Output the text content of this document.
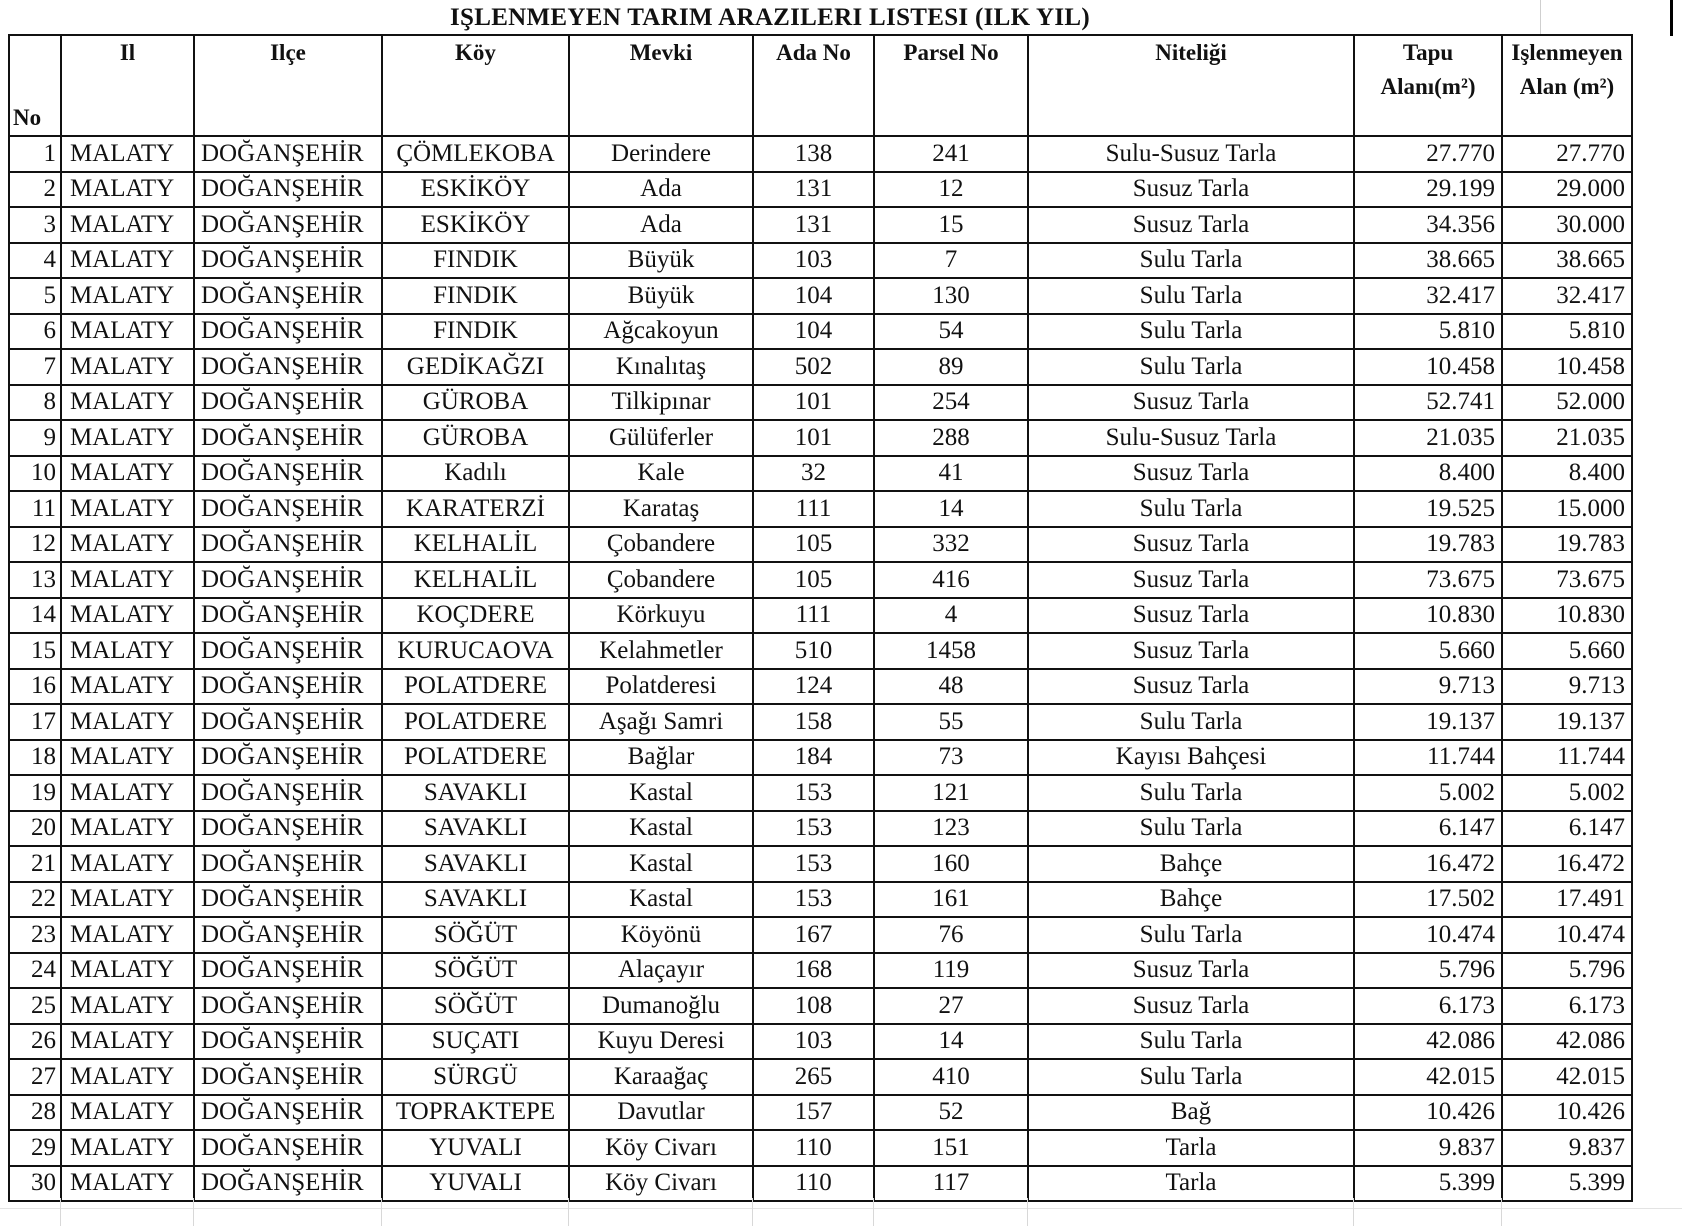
IŞLENMEYEN TARIM ARAZILERI LISTESI (ILK YIL)
No	Il	Ilçe	Köy	Mevki	Ada No	Parsel No	Niteliği	Tapu Alanı(m²)	Işlenmeyen Alan (m²)
1	MALATY	DOĞANŞEHİR	ÇÖMLEKOBA	Derindere	138	241	Sulu-Susuz Tarla	27.770	27.770
2	MALATY	DOĞANŞEHİR	ESKİKÖY	Ada	131	12	Susuz Tarla	29.199	29.000
3	MALATY	DOĞANŞEHİR	ESKİKÖY	Ada	131	15	Susuz Tarla	34.356	30.000
4	MALATY	DOĞANŞEHİR	FINDIK	Büyük	103	7	Sulu Tarla	38.665	38.665
5	MALATY	DOĞANŞEHİR	FINDIK	Büyük	104	130	Sulu Tarla	32.417	32.417
6	MALATY	DOĞANŞEHİR	FINDIK	Ağcakoyun	104	54	Sulu Tarla	5.810	5.810
7	MALATY	DOĞANŞEHİR	GEDİKAĞZI	Kınalıtaş	502	89	Sulu Tarla	10.458	10.458
8	MALATY	DOĞANŞEHİR	GÜROBA	Tilkipınar	101	254	Susuz Tarla	52.741	52.000
9	MALATY	DOĞANŞEHİR	GÜROBA	Gülüferler	101	288	Sulu-Susuz Tarla	21.035	21.035
10	MALATY	DOĞANŞEHİR	Kadılı	Kale	32	41	Susuz Tarla	8.400	8.400
11	MALATY	DOĞANŞEHİR	KARATERZİ	Karataş	111	14	Sulu Tarla	19.525	15.000
12	MALATY	DOĞANŞEHİR	KELHALİL	Çobandere	105	332	Susuz Tarla	19.783	19.783
13	MALATY	DOĞANŞEHİR	KELHALİL	Çobandere	105	416	Susuz Tarla	73.675	73.675
14	MALATY	DOĞANŞEHİR	KOÇDERE	Körkuyu	111	4	Susuz Tarla	10.830	10.830
15	MALATY	DOĞANŞEHİR	KURUCAOVA	Kelahmetler	510	1458	Susuz Tarla	5.660	5.660
16	MALATY	DOĞANŞEHİR	POLATDERE	Polatderesi	124	48	Susuz Tarla	9.713	9.713
17	MALATY	DOĞANŞEHİR	POLATDERE	Aşağı Samri	158	55	Sulu Tarla	19.137	19.137
18	MALATY	DOĞANŞEHİR	POLATDERE	Bağlar	184	73	Kayısı Bahçesi	11.744	11.744
19	MALATY	DOĞANŞEHİR	SAVAKLI	Kastal	153	121	Sulu Tarla	5.002	5.002
20	MALATY	DOĞANŞEHİR	SAVAKLI	Kastal	153	123	Sulu Tarla	6.147	6.147
21	MALATY	DOĞANŞEHİR	SAVAKLI	Kastal	153	160	Bahçe	16.472	16.472
22	MALATY	DOĞANŞEHİR	SAVAKLI	Kastal	153	161	Bahçe	17.502	17.491
23	MALATY	DOĞANŞEHİR	SÖĞÜT	Köyönü	167	76	Sulu Tarla	10.474	10.474
24	MALATY	DOĞANŞEHİR	SÖĞÜT	Alaçayır	168	119	Susuz Tarla	5.796	5.796
25	MALATY	DOĞANŞEHİR	SÖĞÜT	Dumanoğlu	108	27	Susuz Tarla	6.173	6.173
26	MALATY	DOĞANŞEHİR	SUÇATI	Kuyu Deresi	103	14	Sulu Tarla	42.086	42.086
27	MALATY	DOĞANŞEHİR	SÜRGÜ	Karaağaç	265	410	Sulu Tarla	42.015	42.015
28	MALATY	DOĞANŞEHİR	TOPRAKTEPE	Davutlar	157	52	Bağ	10.426	10.426
29	MALATY	DOĞANŞEHİR	YUVALI	Köy Civarı	110	151	Tarla	9.837	9.837
30	MALATY	DOĞANŞEHİR	YUVALI	Köy Civarı	110	117	Tarla	5.399	5.399
